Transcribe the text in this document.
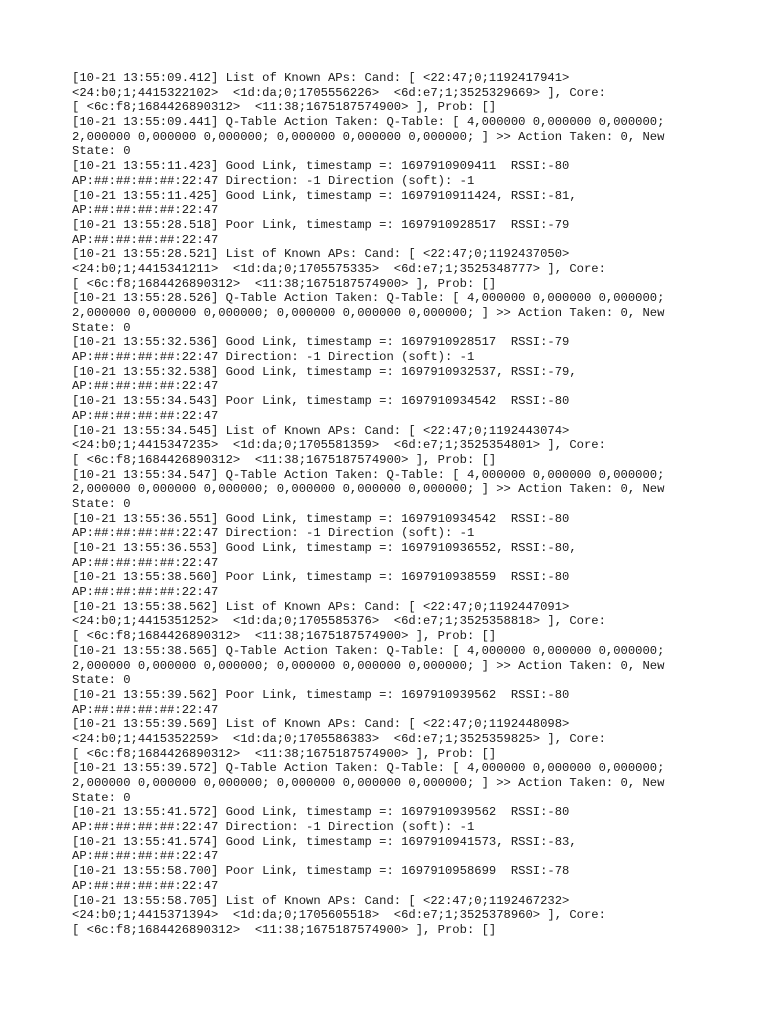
[10-21 13:55:09.412] List of Known APs: Cand: [ <22:47;0;1192417941>
<24:b0;1;4415322102>  <1d:da;0;1705556226>  <6d:e7;1;3525329669> ], Core:
[ <6c:f8;1684426890312>  <11:38;1675187574900> ], Prob: []
[10-21 13:55:09.441] Q-Table Action Taken: Q-Table: [ 4,000000 0,000000 0,000000;
2,000000 0,000000 0,000000; 0,000000 0,000000 0,000000; ] >> Action Taken: 0, New
State: 0
[10-21 13:55:11.423] Good Link, timestamp =: 1697910909411  RSSI:-80
AP:##:##:##:##:22:47 Direction: -1 Direction (soft): -1
[10-21 13:55:11.425] Good Link, timestamp =: 1697910911424, RSSI:-81,
AP:##:##:##:##:22:47
[10-21 13:55:28.518] Poor Link, timestamp =: 1697910928517  RSSI:-79
AP:##:##:##:##:22:47
[10-21 13:55:28.521] List of Known APs: Cand: [ <22:47;0;1192437050>
<24:b0;1;4415341211>  <1d:da;0;1705575335>  <6d:e7;1;3525348777> ], Core:
[ <6c:f8;1684426890312>  <11:38;1675187574900> ], Prob: []
[10-21 13:55:28.526] Q-Table Action Taken: Q-Table: [ 4,000000 0,000000 0,000000;
2,000000 0,000000 0,000000; 0,000000 0,000000 0,000000; ] >> Action Taken: 0, New
State: 0
[10-21 13:55:32.536] Good Link, timestamp =: 1697910928517  RSSI:-79
AP:##:##:##:##:22:47 Direction: -1 Direction (soft): -1
[10-21 13:55:32.538] Good Link, timestamp =: 1697910932537, RSSI:-79,
AP:##:##:##:##:22:47
[10-21 13:55:34.543] Poor Link, timestamp =: 1697910934542  RSSI:-80
AP:##:##:##:##:22:47
[10-21 13:55:34.545] List of Known APs: Cand: [ <22:47;0;1192443074>
<24:b0;1;4415347235>  <1d:da;0;1705581359>  <6d:e7;1;3525354801> ], Core:
[ <6c:f8;1684426890312>  <11:38;1675187574900> ], Prob: []
[10-21 13:55:34.547] Q-Table Action Taken: Q-Table: [ 4,000000 0,000000 0,000000;
2,000000 0,000000 0,000000; 0,000000 0,000000 0,000000; ] >> Action Taken: 0, New
State: 0
[10-21 13:55:36.551] Good Link, timestamp =: 1697910934542  RSSI:-80
AP:##:##:##:##:22:47 Direction: -1 Direction (soft): -1
[10-21 13:55:36.553] Good Link, timestamp =: 1697910936552, RSSI:-80,
AP:##:##:##:##:22:47
[10-21 13:55:38.560] Poor Link, timestamp =: 1697910938559  RSSI:-80
AP:##:##:##:##:22:47
[10-21 13:55:38.562] List of Known APs: Cand: [ <22:47;0;1192447091>
<24:b0;1;4415351252>  <1d:da;0;1705585376>  <6d:e7;1;3525358818> ], Core:
[ <6c:f8;1684426890312>  <11:38;1675187574900> ], Prob: []
[10-21 13:55:38.565] Q-Table Action Taken: Q-Table: [ 4,000000 0,000000 0,000000;
2,000000 0,000000 0,000000; 0,000000 0,000000 0,000000; ] >> Action Taken: 0, New
State: 0
[10-21 13:55:39.562] Poor Link, timestamp =: 1697910939562  RSSI:-80
AP:##:##:##:##:22:47
[10-21 13:55:39.569] List of Known APs: Cand: [ <22:47;0;1192448098>
<24:b0;1;4415352259>  <1d:da;0;1705586383>  <6d:e7;1;3525359825> ], Core:
[ <6c:f8;1684426890312>  <11:38;1675187574900> ], Prob: []
[10-21 13:55:39.572] Q-Table Action Taken: Q-Table: [ 4,000000 0,000000 0,000000;
2,000000 0,000000 0,000000; 0,000000 0,000000 0,000000; ] >> Action Taken: 0, New
State: 0
[10-21 13:55:41.572] Good Link, timestamp =: 1697910939562  RSSI:-80
AP:##:##:##:##:22:47 Direction: -1 Direction (soft): -1
[10-21 13:55:41.574] Good Link, timestamp =: 1697910941573, RSSI:-83,
AP:##:##:##:##:22:47
[10-21 13:55:58.700] Poor Link, timestamp =: 1697910958699  RSSI:-78
AP:##:##:##:##:22:47
[10-21 13:55:58.705] List of Known APs: Cand: [ <22:47;0;1192467232>
<24:b0;1;4415371394>  <1d:da;0;1705605518>  <6d:e7;1;3525378960> ], Core:
[ <6c:f8;1684426890312>  <11:38;1675187574900> ], Prob: []
